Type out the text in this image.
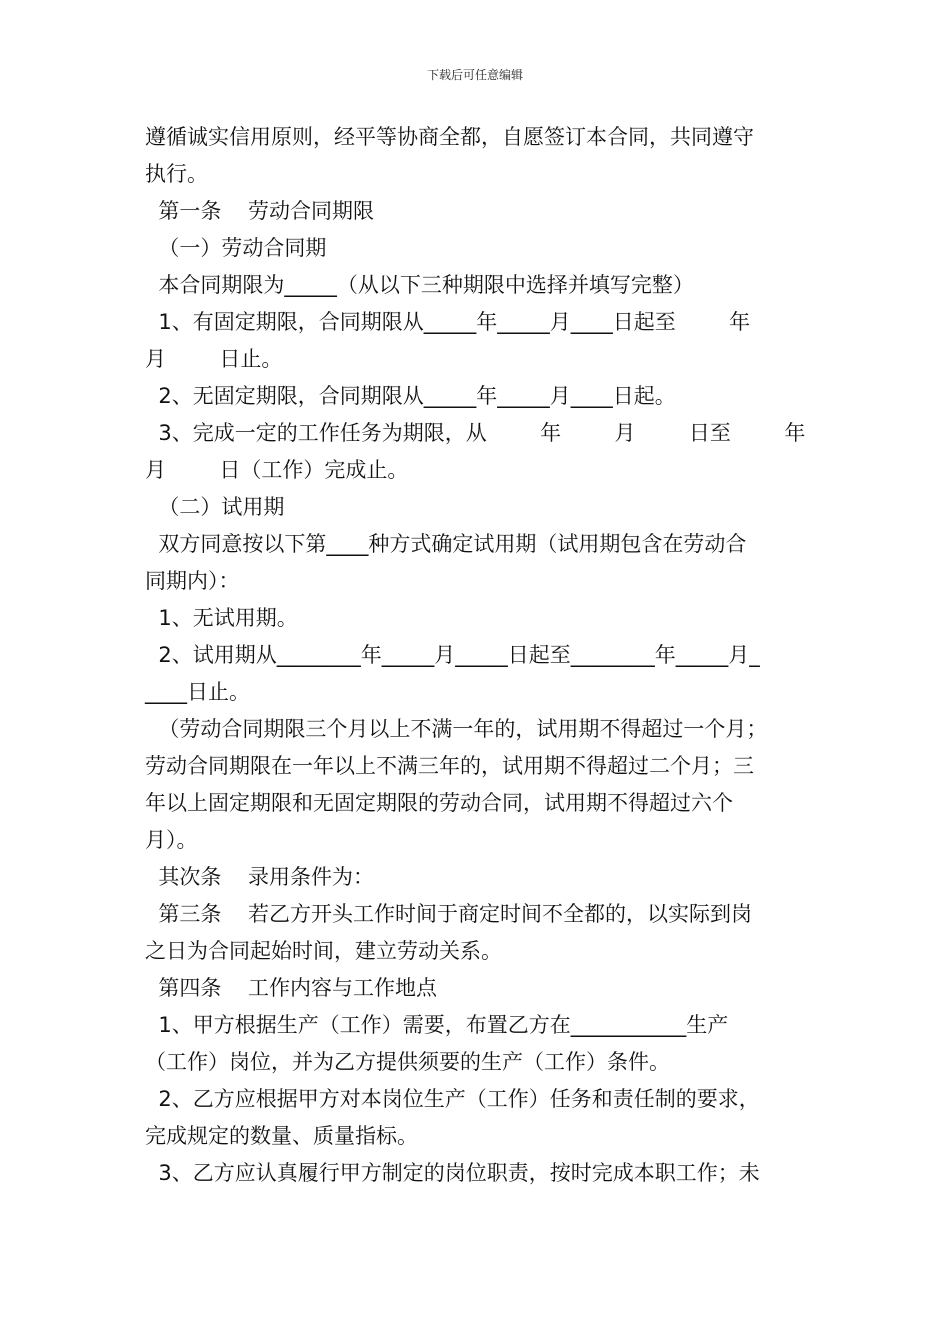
下载后可任意编辑
遵循诚实信用原则，经平等协商全都，自愿签订本合同，共同遵守
执行。
第一条    劳动合同期限
（一）劳动合同期
本合同期限为_____（从以下三种期限中选择并填写完整）
1、有固定期限，合同期限从_____年_____月____日起至        年
月        日止。
2、无固定期限，合同期限从_____年_____月____日起。
3、完成一定的工作任务为期限，从        年        月        日至        年
月        日（工作）完成止。
（二）试用期
双方同意按以下第____种方式确定试用期（试用期包含在劳动合
同期内）：
1、无试用期。
2、试用期从________年_____月_____日起至________年_____月_
____日止。
（劳动合同期限三个月以上不满一年的，试用期不得超过一个月；
劳动合同期限在一年以上不满三年的，试用期不得超过二个月；三
年以上固定期限和无固定期限的劳动合同，试用期不得超过六个
月）。
其次条    录用条件为：
第三条    若乙方开头工作时间于商定时间不全都的，以实际到岗
之日为合同起始时间，建立劳动关系。
第四条    工作内容与工作地点
1、甲方根据生产（工作）需要，布置乙方在___________生产
（工作）岗位，并为乙方提供须要的生产（工作）条件。
2、乙方应根据甲方对本岗位生产（工作）任务和责任制的要求，
完成规定的数量、质量指标。
3、乙方应认真履行甲方制定的岗位职责，按时完成本职工作；未
